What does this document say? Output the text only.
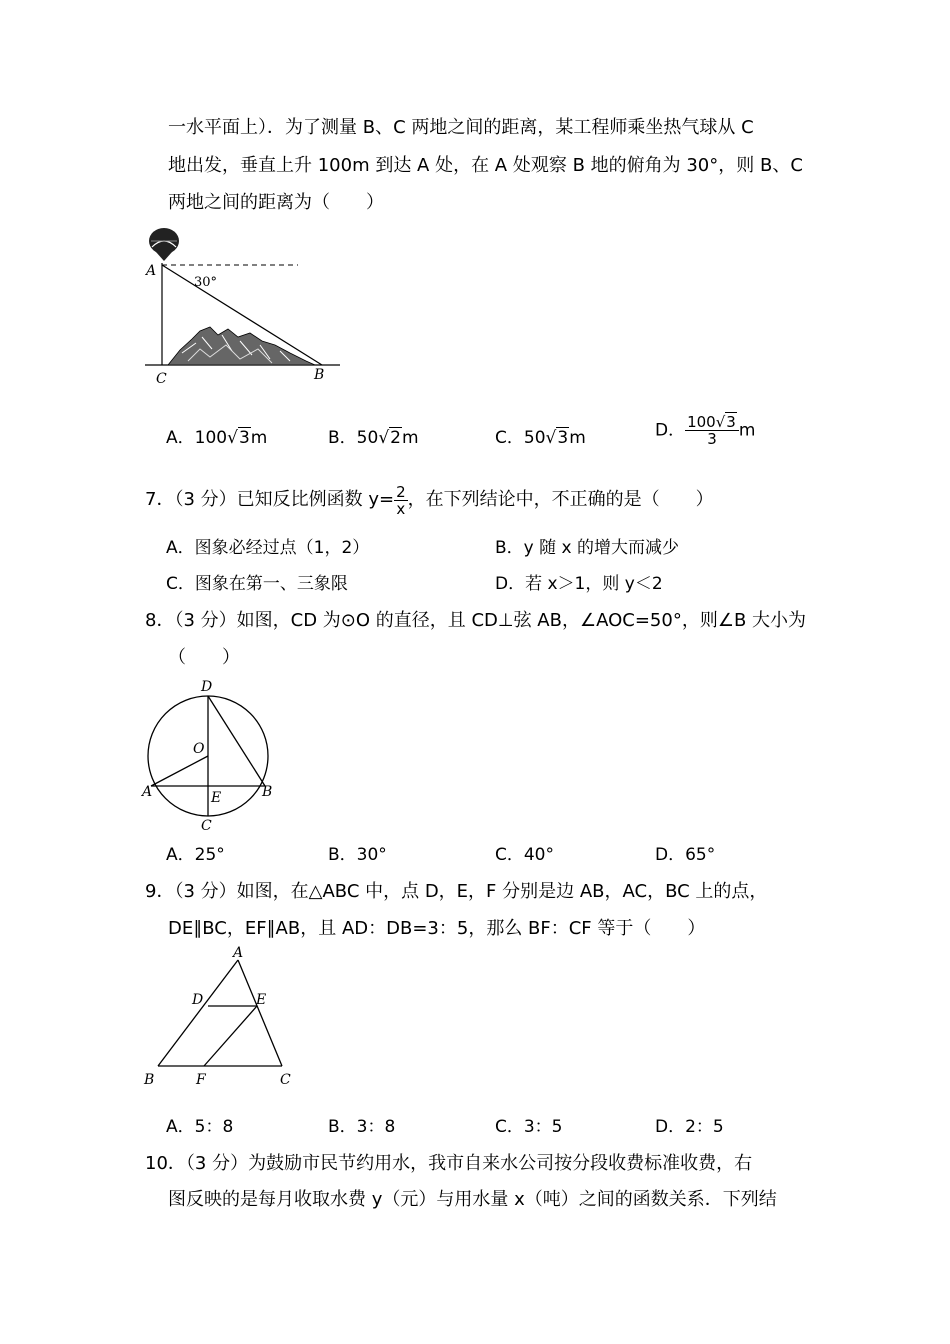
一水平面上）．为了测量 B、C 两地之间的距离，某工程师乘坐热气球从 C
地出发，垂直上升 100m 到达 A 处，在 A 处观察 B 地的俯角为 30°，则 B、C
两地之间的距离为（　　）
A
30°
C	B
A．100√3m	B．50√2m	C．50√3m	D． $\frac{100√3}{3}$ m
7．（3 分）已知反比例函数 $y= \frac{2}{x}$ ，在下列结论中，不正确的是（　　）
A．图象必经过点（1，2）	B．y 随 x 的增大而减少
C．图象在第一、三象限	D．若 x＞1，则 y＜2
8．（3 分）如图，CD 为⊙O 的直径，且 CD⊥弦 AB，∠AOC=50°，则∠B 大小为
（　　）
D
O
A	E	B
C
A．25°	B．30°	C．40°	D．65°
9．（3 分）如图，在△ABC 中，点 D，E，F 分别是边 AB，AC，BC 上的点，
DE∥BC，EF∥AB，且 AD：DB=3：5，那么 BF：CF 等于（　　）
A
D	E
B	F	C
A．5：8	B．3：8	C．3：5	D．2：5
10．（3 分）为鼓励市民节约用水，我市自来水公司按分段收费标准收费，右
图反映的是每月收取水费 y（元）与用水量 x（吨）之间的函数关系．下列结
